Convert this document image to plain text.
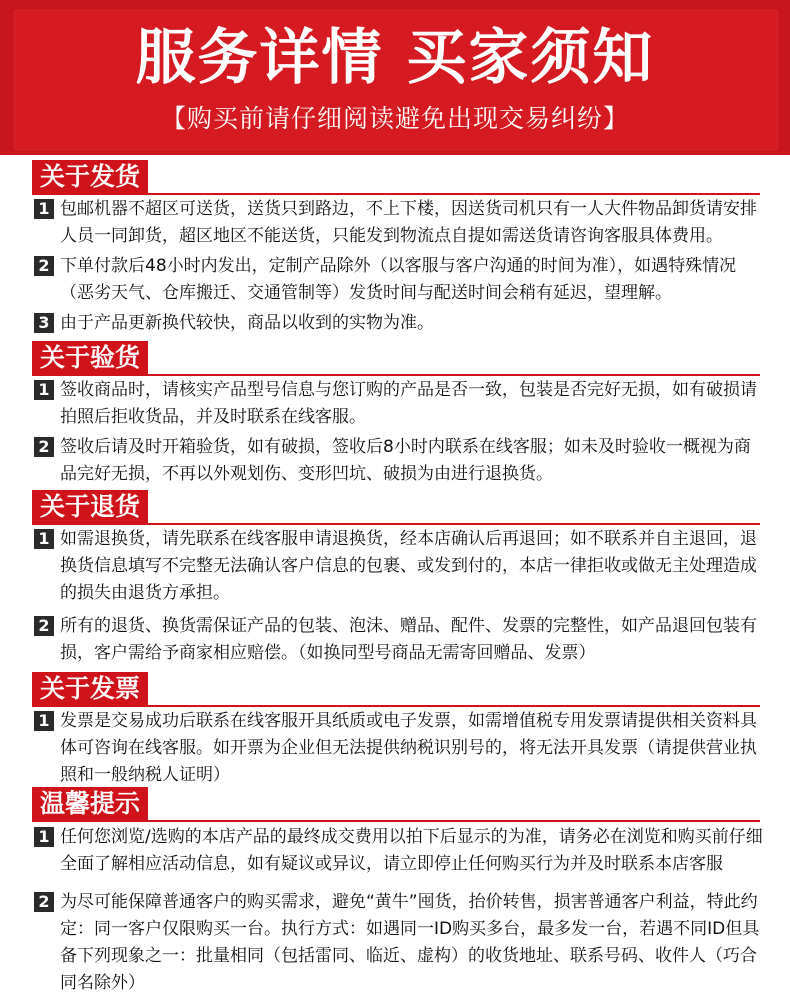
服务详情 买家须知
【购买前请仔细阅读避免出现交易纠纷】
关于发货
1 包邮机器不超区可送货，送货只到路边，不上下楼，因送货司机只有一人大件物品卸货请安排人员一同卸货，超区地区不能送货，只能发到物流点自提如需送货请咨询客服具体费用。
2 下单付款后48小时内发出，定制产品除外（以客服与客户沟通的时间为准），如遇特殊情况（恶劣天气、仓库搬迁、交通管制等）发货时间与配送时间会稍有延迟，望理解。
3 由于产品更新换代较快，商品以收到的实物为准。
关于验货
1 签收商品时，请核实产品型号信息与您订购的产品是否一致，包装是否完好无损，如有破损请拍照后拒收货品，并及时联系在线客服。
2 签收后请及时开箱验货，如有破损，签收后8小时内联系在线客服；如未及时验收一概视为商品完好无损，不再以外观划伤、变形凹坑、破损为由进行退换货。
关于退货
1 如需退换货，请先联系在线客服申请退换货，经本店确认后再退回；如不联系并自主退回，退换货信息填写不完整无法确认客户信息的包裹、或发到付的，本店一律拒收或做无主处理造成的损失由退货方承担。
2 所有的退货、换货需保证产品的包装、泡沫、赠品、配件、发票的完整性，如产品退回包装有损，客户需给予商家相应赔偿。（如换同型号商品无需寄回赠品、发票）
关于发票
1 发票是交易成功后联系在线客服开具纸质或电子发票，如需增值税专用发票请提供相关资料具体可咨询在线客服。如开票为企业但无法提供纳税识别号的，将无法开具发票（请提供营业执照和一般纳税人证明）
温馨提示
1 任何您浏览/选购的本店产品的最终成交费用以拍下后显示的为准，请务必在浏览和购买前仔细全面了解相应活动信息，如有疑议或异议，请立即停止任何购买行为并及时联系本店客服
2 为尽可能保障普通客户的购买需求，避免“黄牛”囤货，抬价转售，损害普通客户利益，特此约定：同一客户仅限购买一台。执行方式：如遇同一ID购买多台，最多发一台，若遇不同ID但具备下列现象之一：批量相同（包括雷同、临近、虚构）的收货地址、联系号码、收件人（巧合同名除外）
